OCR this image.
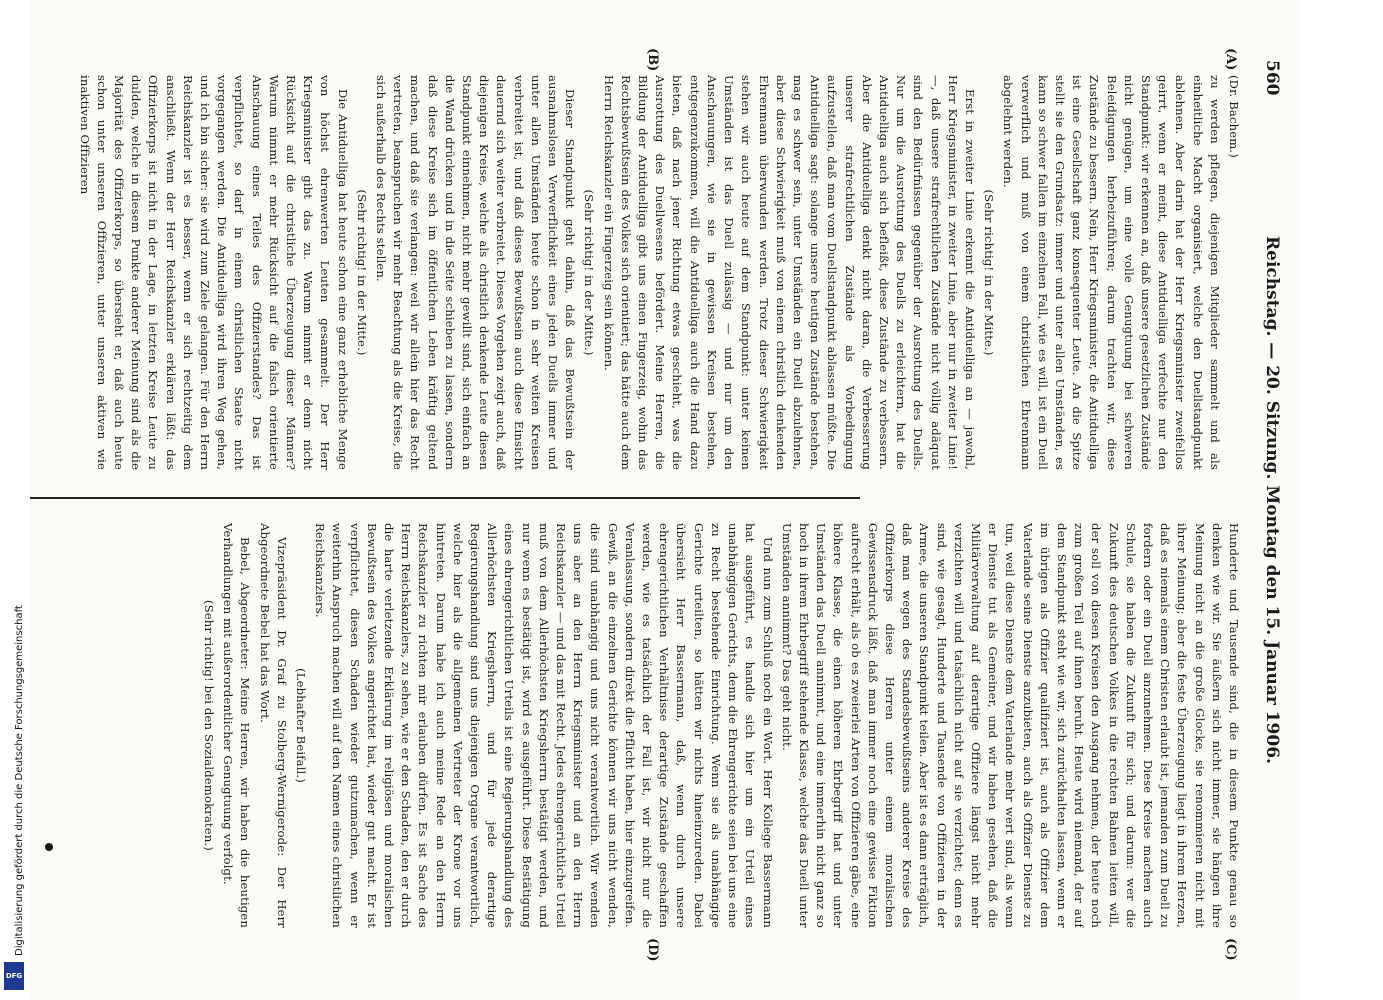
560
Reichstag. — 20. Sitzung. Montag den 15. Januar 1906.
(A)
(B)
(C)
(D)

(Dr. Bachem.)

zu werden pflegen, diejenigen Mitglieder sammelt und als einheitliche Macht organisiert, welche den Duellstandpunkt ablehnen. Aber darin hat der Herr Kriegsminister zweifellos geirrt, wenn er meint, diese Antiduelliga verfechte nur den Standpunkt: wir erkennen an, daß unsere gesetzlichen Zustände nicht genügen, um eine volle Genugtuung bei schweren Beleidigungen herbeizuführen; darum trachten wir, diese Zustände zu bessern. Nein, Herr Kriegsminister, die Antiduelliga ist eine Gesellschaft ganz konsequenter Leute. An die Spitze stellt sie den Grundsatz: immer und unter allen Umständen, es kann so schwer fallen im einzelnen Fall, wie es will, ist ein Duell verwerflich und muß von einem christlichen Ehrenmann abgelehnt werden.

(Sehr richtig! in der Mitte.)

Erst in zweiter Linie erkennt die Antiduelliga an — jawohl, Herr Kriegsminister, in zweiter Linie, aber nur in zweiter Linie! —, daß unsere strafrechtlichen Zustände nicht völlig adäquat sind den Bedürfnissen gegenüber der Ausrottung des Duells. Nur um die Ausrottung des Duells zu erleichtern, hat die Antiduelliga auch sich befleißt, diese Zustände zu verbessern. Aber die Antiduelliga denkt nicht daran, die Verbesserung unserer strafrechtlichen Zustände als Vorbedingung aufzustellen, daß man vom Duellstandpunkt ablassen müßte. Die Antiduelliga sagt: solange unsere heutigen Zustände bestehen, mag es schwer sein, unter Umständen ein Duell abzulehnen, aber diese Schwierigkeit muß von einem christlich denkenden Ehrenmann überwunden werden. Trotz dieser Schwierigkeit stehen wir auch heute auf dem Standpunkt: unter keinen Umständen ist das Duell zulässig — und nur um den Anschauungen, wie sie in gewissen Kreisen bestehen, entgegenzukommen, will die Antiduelliga auch die Hand dazu bieten, daß nach jener Richtung etwas geschieht, was die Ausrottung des Duellwesens befördert. Meine Herren, die Bildung der Antiduelliga gibt uns einen Fingerzeig, wohin das Rechtsbewußtsein des Volkes sich orientiert; das hätte auch dem Herrn Reichskanzler ein Fingerzeig sein können.

(Sehr richtig! in der Mitte.)

Dieser Standpunkt geht dahin, daß das Bewußtsein der ausnahmslosen Verwerflichkeit eines jeden Duells immer und unter allen Umständen heute schon in sehr weiten Kreisen verbreitet ist, und daß dieses Bewußtsein auch diese Einsicht dauernd sich weiter verbreitet. Dieses Vorgehen zeigt auch, daß diejenigen Kreise, welche als christlich denkende Leute diesen Standpunkt einnehmen, nicht mehr gewillt sind, sich einfach an die Wand drücken und in die Seite schieben zu lassen, sondern daß diese Kreise sich im öffentlichen Leben kräftig geltend machen, und daß sie verlangen: weil wir allein hier das Recht vertreten, beanspruchen wir mehr Beachtung als die Kreise, die sich außerhalb des Rechts stellen.

(Sehr richtig! in der Mitte.)

Die Antiduelliga hat heute schon eine ganz erhebliche Menge von höchst ehrenwerten Leuten gesammelt. Der Herr Kriegsminister gibt das zu. Warum nimmt er denn nicht Rücksicht auf die christliche Überzeugung dieser Männer? Warum nimmt er mehr Rücksicht auf die falsch orientierte Anschauung eines Teiles des Offizierstandes? Das ist verpflichtet, so darf in einem christlichen Staate nicht vorgegangen werden. Die Antiduelliga wird ihren Weg gehen, und ich bin sicher: sie wird zum Ziele gelangen. Für den Herrn Reichskanzler ist es besser, wenn er sich rechtzeitig dem anschließt. Wenn der Herr Reichskanzler erklären läßt: das Offizierkorps ist nicht in der Lage, in letzten Kreise Leute zu dulden, welche in diesem Punkte anderer Meinung sind als die Majorität des Offizierkorps, so übersieht er, daß auch heute schon unter unseren Offizieren, unter unseren aktiven wie inaktiven Offizieren

Hunderte und Tausende sind, die in diesem Punkte genau so denken wie wir. Sie äußern sich nicht immer, sie hängen ihre Meinung nicht an die große Glocke, sie renommieren nicht mit ihrer Meinung; aber die feste Überzeugung liegt in ihrem Herzen, daß es niemals einem Christen erlaubt ist, jemanden zum Duell zu fordern oder ein Duell anzunehmen. Diese Kreise machen auch Schule, sie haben die Zukunft für sich; und darum: wer die Zukunft des deutschen Volkes in die rechten Bahnen leiten will, der soll von diesen Kreisen den Ausgang nehmen, der heute noch zum großen Teil auf ihnen beruht. Heute wird niemand, der auf dem Standpunkt steht wie wir, sich zurückhalten lassen, wenn er im übrigen als Offizier qualifiziert ist, auch als Offizier dem Vaterlande seine Dienste anzubieten, auch als Offizier Dienste zu tun, weil diese Dienste dem Vaterlande mehr wert sind, als wenn er Dienste tut als Gemeiner, und wir haben gesehen, daß die Militärverwaltung auf derartige Offiziere längst nicht mehr verzichten will und tatsächlich nicht auf sie verzichtet; denn es sind, wie gesagt, Hunderte und Tausende von Offizieren in der Armee, die unseren Standpunkt teilen. Aber ist es dann erträglich, daß man wegen des Standesbewußtseins anderer Kreise des Offizierkorps diese Herren unter einem moralischen Gewissensdruck läßt, daß man immer noch eine gewisse Fiktion aufrecht erhält, als ob es zweierlei Arten von Offizieren gäbe, eine höhere Klasse, die einen höheren Ehrbegriff hat und unter Umständen das Duell annimmt, und eine immerhin nicht ganz so hoch in ihrem Ehrbegriff stehende Klasse, welche das Duell unter Umständen annimmt? Das geht nicht.

Und nun zum Schluß noch ein Wort. Herr Kollege Bassermann hat ausgeführt, es handle sich hier um ein Urteil eines unabhängigen Gerichts, denn die Ehrengerichte seien bei uns eine zu Recht bestehende Einrichtung. Wenn sie als unabhängige Gerichte urteilten, so hätten wir nichts hineinzureden. Dabei übersieht Herr Bassermann, daß, wenn durch unsere ehrengerichtlichen Verhältnisse derartige Zustände geschaffen werden, wie es tatsächlich der Fall ist, wir nicht nur die Veranlassung, sondern direkt die Pflicht haben, hier einzugreifen. Gewiß, an die einzelnen Gerichte können wir uns nicht wenden, die sind unabhängig und uns nicht verantwortlich. Wir wenden uns aber an den Herrn Kriegsminister und an den Herrn Reichskanzler — und das mit Recht. Jedes ehrengerichtliche Urteil muß von dem Allerhöchsten Kriegsherrn bestätigt werden, und nur wenn es bestätigt ist, wird es ausgeführt. Diese Bestätigung eines ehrengerichtlichen Urteils ist eine Regierungshandlung des Allerhöchsten Kriegsherrn, und für jede derartige Regierungshandlung sind uns diejenigen Organe verantwortlich, welche hier als die allgemeinen Vertreter der Krone vor uns hintreten. Darum habe ich auch meine Rede an den Herrn Reichskanzler zu richten mir erlauben dürfen. Es ist Sache des Herrn Reichskanzlers, zu sehen, wie er den Schaden, den er durch die harte verletzende Erklärung im religiösen und moralischen Bewußtsein des Volkes angerichtet hat, wieder gut macht. Er ist verpflichtet, diesen Schaden wieder gutzumachen, wenn er weiterhin Anspruch machen will auf den Namen eines christlichen Reichskanzlers.

(Lebhafter Beifall.)

Vizepräsident Dr. Graf zu Stolberg-Wernigerode: Der Herr Abgeordnete Bebel hat das Wort.

Bebel, Abgeordneter: Meine Herren, wir haben die heutigen Verhandlungen mit außerordentlicher Genugtuung verfolgt.

(Sehr richtig! bei den Sozialdemokraten.)

Digitalisierung gefördert durch die Deutsche Forschungsgemeinschaft
DFG
